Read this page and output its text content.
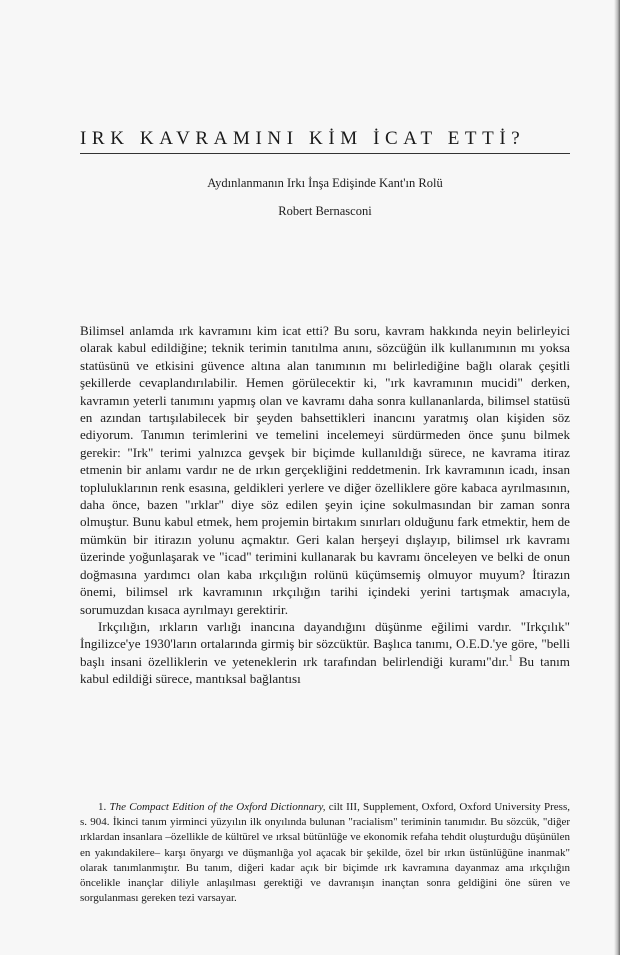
IRK KAVRAMINI KİM İCAT ETTİ?
Aydınlanmanın Irkı İnşa Edişinde Kant'ın Rolü
Robert Bernasconi

Bilimsel anlamda ırk kavramını kim icat etti? Bu soru, kavram hakkında neyin belirleyici olarak kabul edildiğine; teknik terimin tanıtılma anını, sözcüğün ilk kullanımının mı yoksa statüsünü ve etkisini güvence altına alan tanımının mı belirlediğine bağlı olarak çeşitli şekillerde cevaplandırılabilir. Hemen görülecektir ki, "ırk kavramının mucidi" derken, kavramın yeterli tanımını yapmış olan ve kavramı daha sonra kullananlarda, bilimsel statüsü en azından tartışılabilecek bir şeyden bahsettikleri inancını yaratmış olan kişiden söz ediyorum. Tanımın terimlerini ve temelini incelemeyi sürdürmeden önce şunu bilmek gerekir: "Irk" terimi yalnızca gevşek bir biçimde kullanıldığı sürece, ne kavrama itiraz etmenin bir anlamı vardır ne de ırkın gerçekliğini reddetmenin. Irk kavramının icadı, insan topluluklarının renk esasına, geldikleri yerlere ve diğer özelliklere göre kabaca ayrılmasının, daha önce, bazen "ırklar" diye söz edilen şeyin içine sokulmasından bir zaman sonra olmuştur. Bunu kabul etmek, hem projemin birtakım sınırları olduğunu fark etmektir, hem de mümkün bir itirazın yolunu açmaktır. Geri kalan herşeyi dışlayıp, bilimsel ırk kavramı üzerinde yoğunlaşarak ve "icad" terimini kullanarak bu kavramı önceleyen ve belki de onun doğmasına yardımcı olan kaba ırkçılığın rolünü küçümsemiş olmuyor muyum? İtirazın önemi, bilimsel ırk kavramının ırkçılığın tarihi içindeki yerini tartışmak amacıyla, sorumuzdan kısaca ayrılmayı gerektirir.

Irkçılığın, ırkların varlığı inancına dayandığını düşünme eğilimi vardır. "Irkçılık" İngilizce'ye 1930'ların ortalarında girmiş bir sözcüktür. Başlıca tanımı, O.E.D.'ye göre, "belli başlı insani özelliklerin ve yeteneklerin ırk tarafından belirlendiği kuramı"dır.$^1$ Bu tanım kabul edildiği sürece, mantıksal bağlantısı

1. The Compact Edition of the Oxford Dictionnary, cilt III, Supplement, Oxford, Oxford University Press, s. 904. İkinci tanım yirminci yüzyılın ilk onyılında bulunan "racialism" teriminin tanımıdır. Bu sözcük, "diğer ırklardan insanlara –özellikle de kültürel ve ırksal bütünlüğe ve ekonomik refaha tehdit oluşturduğu düşünülen en yakındakilere– karşı önyargı ve düşmanlığa yol açacak bir şekilde, özel bir ırkın üstünlüğüne inanmak" olarak tanımlanmıştır. Bu tanım, diğeri kadar açık bir biçimde ırk kavramına dayanmaz ama ırkçılığın öncelikle inançlar diliyle anlaşılması gerektiği ve davranışın inançtan sonra geldiğini öne süren ve sorgulanması gereken tezi varsayar.
